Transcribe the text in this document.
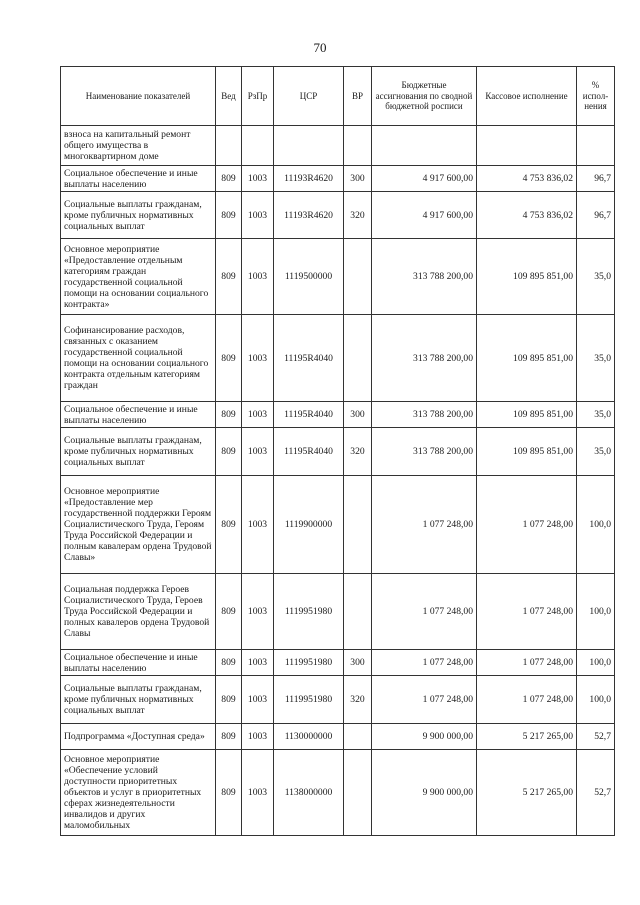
70
Наименование показателей	Вед	РзПр	ЦСР	ВР	Бюджетные ассигнования по сводной бюджетной росписи	Кассовое исполнение	% испол-нения
взноса на капитальный ремонт общего имущества в многоквартирном доме							
Социальное обеспечение и иные выплаты населению	809	1003	11193R4620	300	4 917 600,00	4 753 836,02	96,7
Социальные выплаты гражданам, кроме публичных нормативных социальных выплат	809	1003	11193R4620	320	4 917 600,00	4 753 836,02	96,7
Основное мероприятие «Предоставление отдельным категориям граждан государственной социальной помощи на основании социального контракта»	809	1003	1119500000		313 788 200,00	109 895 851,00	35,0
Софинансирование расходов, связанных с оказанием государственной социальной помощи на основании социального контракта отдельным категориям граждан	809	1003	11195R4040		313 788 200,00	109 895 851,00	35,0
Социальное обеспечение и иные выплаты населению	809	1003	11195R4040	300	313 788 200,00	109 895 851,00	35,0
Социальные выплаты гражданам, кроме публичных нормативных социальных выплат	809	1003	11195R4040	320	313 788 200,00	109 895 851,00	35,0
Основное мероприятие «Предоставление мер государственной поддержки Героям Социалистического Труда, Героям Труда Российской Федерации и полным кавалерам ордена Трудовой Славы»	809	1003	1119900000		1 077 248,00	1 077 248,00	100,0
Социальная поддержка Героев Социалистического Труда, Героев Труда Российской Федерации и полных кавалеров ордена Трудовой Славы	809	1003	1119951980		1 077 248,00	1 077 248,00	100,0
Социальное обеспечение и иные выплаты населению	809	1003	1119951980	300	1 077 248,00	1 077 248,00	100,0
Социальные выплаты гражданам, кроме публичных нормативных социальных выплат	809	1003	1119951980	320	1 077 248,00	1 077 248,00	100,0
Подпрограмма «Доступная среда»	809	1003	1130000000		9 900 000,00	5 217 265,00	52,7
Основное мероприятие «Обеспечение условий доступности приоритетных объектов и услуг в приоритетных сферах жизнедеятельности инвалидов и других маломобильных	809	1003	1138000000		9 900 000,00	5 217 265,00	52,7
